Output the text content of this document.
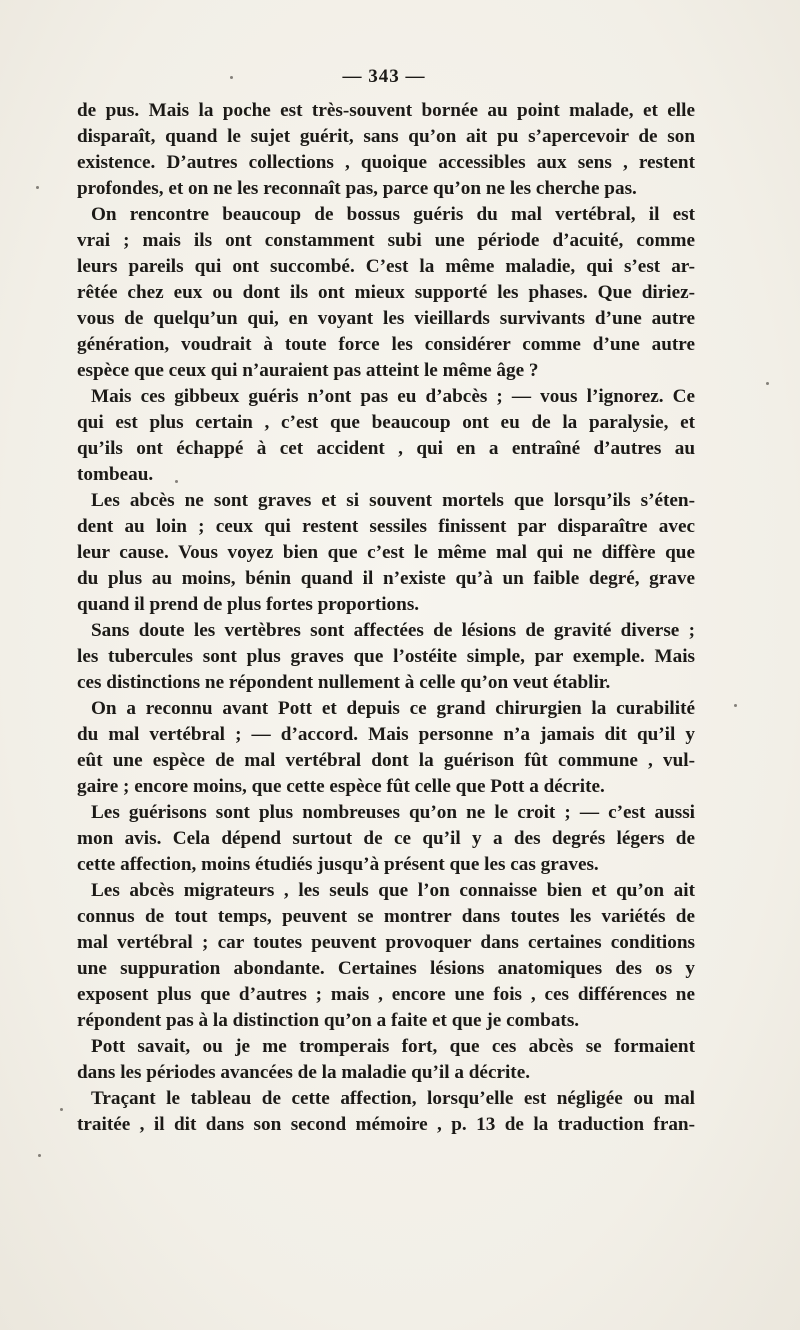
— 343 —
de pus. Mais la poche est très-souvent bornée au point malade, et elle
disparaît, quand le sujet guérit, sans qu’on ait pu s’apercevoir de son
existence. D’autres collections , quoique accessibles aux sens , restent
profondes, et on ne les reconnaît pas, parce qu’on ne les cherche pas.
On rencontre beaucoup de bossus guéris du mal vertébral, il est
vrai ; mais ils ont constamment subi une période d’acuité, comme
leurs pareils qui ont succombé. C’est la même maladie, qui s’est ar-
rêtée chez eux ou dont ils ont mieux supporté les phases. Que diriez-
vous de quelqu’un qui, en voyant les vieillards survivants d’une autre
génération, voudrait à toute force les considérer comme d’une autre
espèce que ceux qui n’auraient pas atteint le même âge ?
Mais ces gibbeux guéris n’ont pas eu d’abcès ; — vous l’ignorez. Ce
qui est plus certain , c’est que beaucoup ont eu de la paralysie, et
qu’ils ont échappé à cet accident , qui en a entraîné d’autres au
tombeau.
Les abcès ne sont graves et si souvent mortels que lorsqu’ils s’éten-
dent au loin ; ceux qui restent sessiles finissent par disparaître avec
leur cause. Vous voyez bien que c’est le même mal qui ne diffère que
du plus au moins, bénin quand il n’existe qu’à un faible degré, grave
quand il prend de plus fortes proportions.
Sans doute les vertèbres sont affectées de lésions de gravité diverse ;
les tubercules sont plus graves que l’ostéite simple, par exemple. Mais
ces distinctions ne répondent nullement à celle qu’on veut établir.
On a reconnu avant Pott et depuis ce grand chirurgien la curabilité
du mal vertébral ; — d’accord. Mais personne n’a jamais dit qu’il y
eût une espèce de mal vertébral dont la guérison fût commune , vul-
gaire ; encore moins, que cette espèce fût celle que Pott a décrite.
Les guérisons sont plus nombreuses qu’on ne le croit ; — c’est aussi
mon avis. Cela dépend surtout de ce qu’il y a des degrés légers de
cette affection, moins étudiés jusqu’à présent que les cas graves.
Les abcès migrateurs , les seuls que l’on connaisse bien et qu’on ait
connus de tout temps, peuvent se montrer dans toutes les variétés de
mal vertébral ; car toutes peuvent provoquer dans certaines conditions
une suppuration abondante. Certaines lésions anatomiques des os y
exposent plus que d’autres ; mais , encore une fois , ces différences ne
répondent pas à la distinction qu’on a faite et que je combats.
Pott savait, ou je me tromperais fort, que ces abcès se formaient
dans les périodes avancées de la maladie qu’il a décrite.
Traçant le tableau de cette affection, lorsqu’elle est négligée ou mal
traitée , il dit dans son second mémoire , p. 13 de la traduction fran-
